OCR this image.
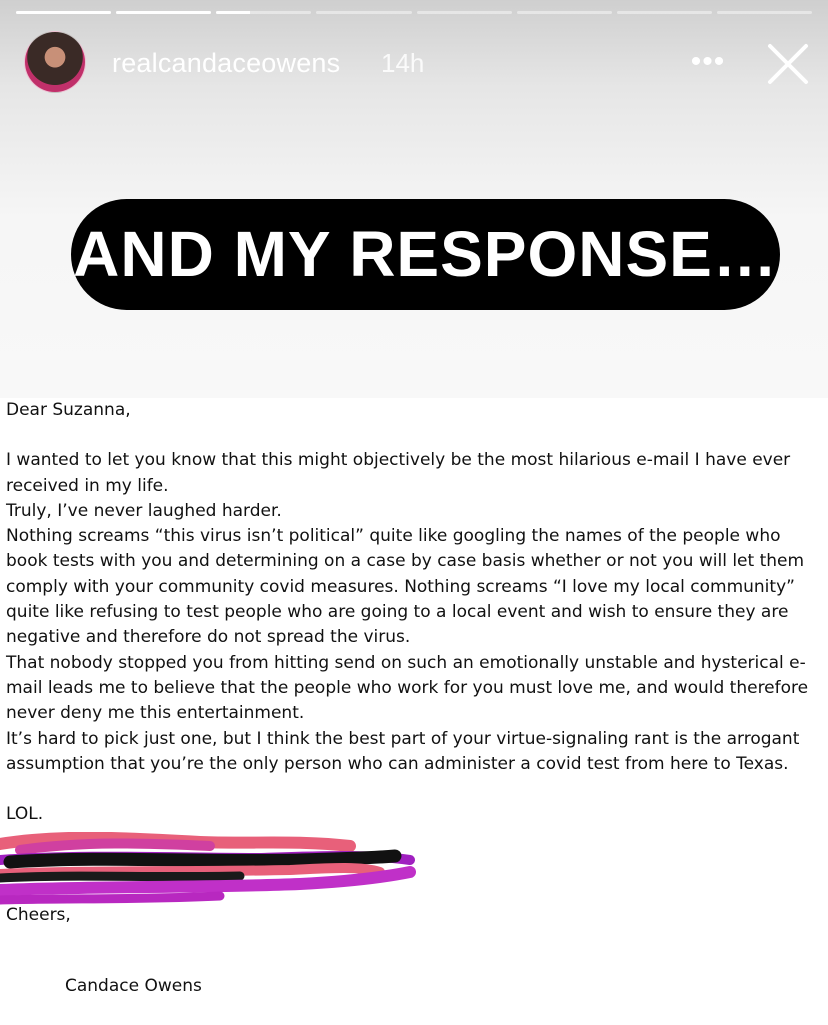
realcandaceowens 14h	•••
AND MY RESPONSE…

Dear Suzanna,

I wanted to let you know that this might objectively be the most hilarious e-mail I have ever received in my life.

Truly, I’ve never laughed harder.

Nothing screams “this virus isn’t political” quite like googling the names of the people who book tests with you and determining on a case by case basis whether or not you will let them comply with your community covid measures. Nothing screams “I love my local community” quite like refusing to test people who are going to a local event and wish to ensure they are negative and therefore do not spread the virus.

That nobody stopped you from hitting send on such an emotionally unstable and hysterical e-mail leads me to believe that the people who work for you must love me, and would therefore never deny me this entertainment.

It’s hard to pick just one, but I think the best part of your virtue-signaling rant is the arrogant assumption that you’re the only person who can administer a covid test from here to Texas.

LOL.

Cheers,

Candace Owens
